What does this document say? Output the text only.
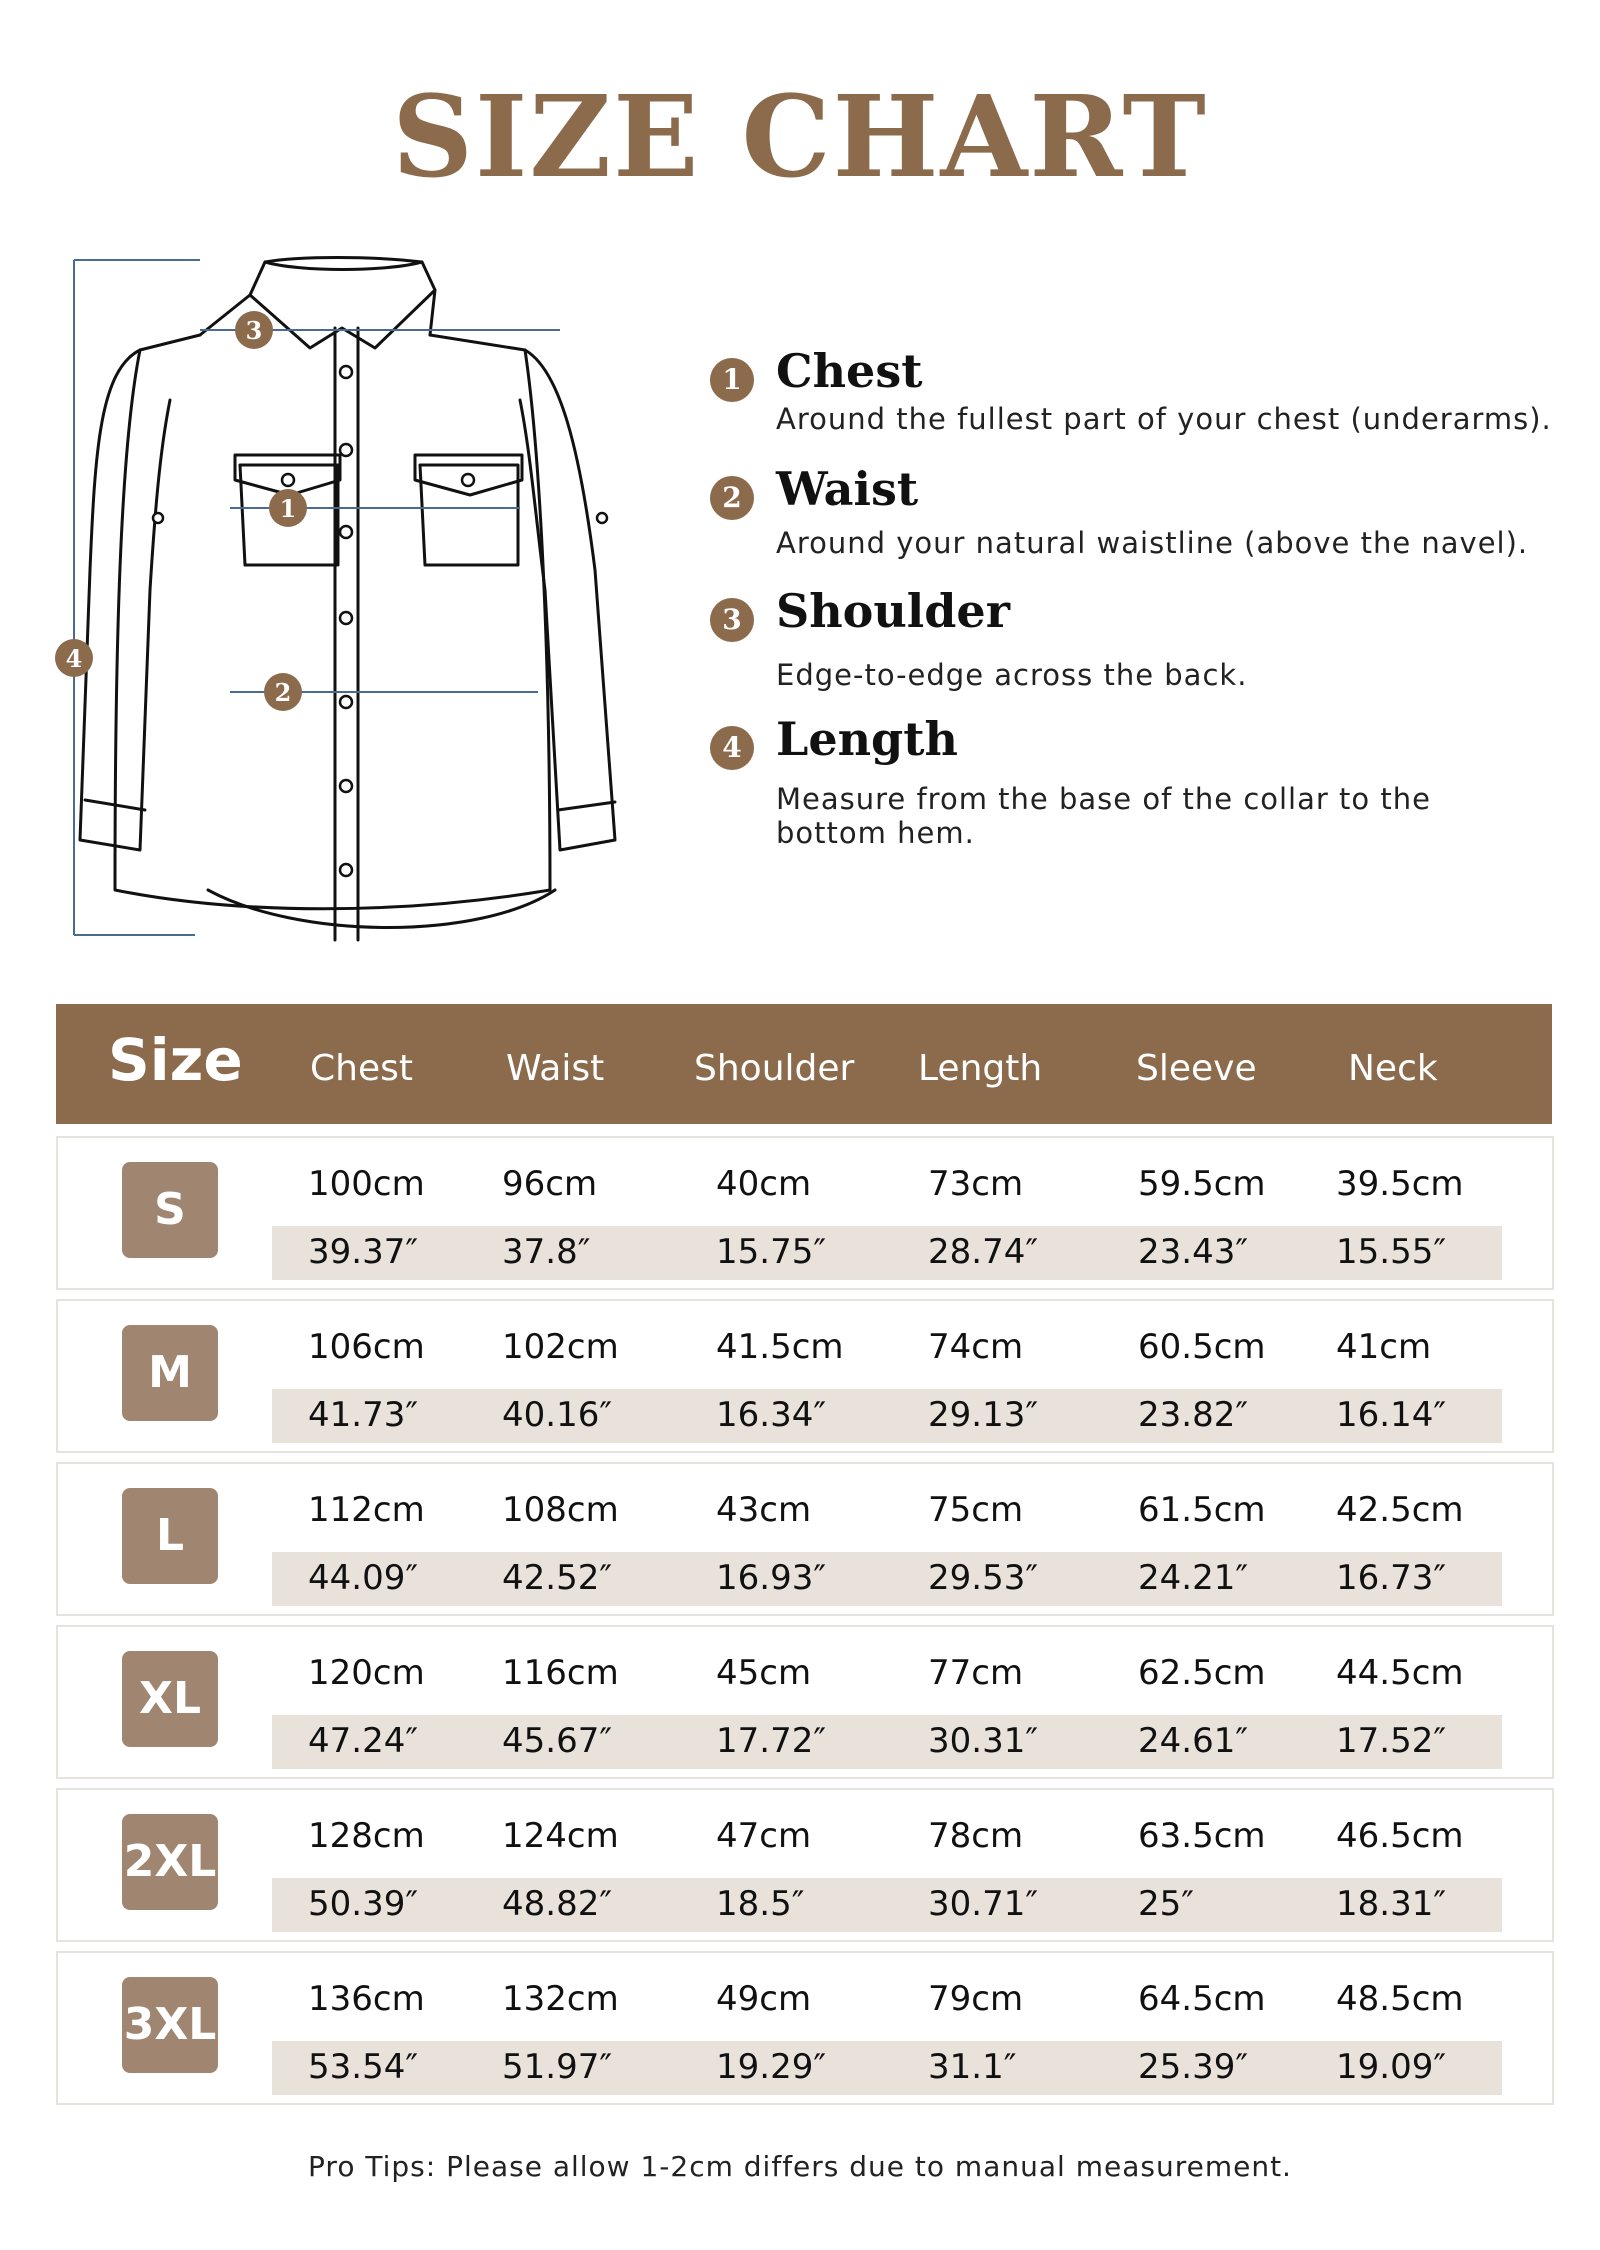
SIZE CHART
3
1
2
4
1 Chest
Around the fullest part of your chest (underarms).
2 Waist
Around your natural waistline (above the navel).
3 Shoulder
Edge-to-edge across the back.
4 Length
Measure from the base of the collar to the bottom hem.
Size Chest	Waist Shoulder Length	Sleeve	Neck
S	100cm 96cm	40cm	73cm	59.5cm 39.5cm
39.37″ 37.8″	15.75″	28.74″	23.43″	15.55″
M	106cm 102cm	41.5cm 74cm	60.5cm 41cm
41.73″ 40.16″	16.34″	29.13″	23.82″	16.14″
L	112cm 108cm	43cm	75cm	61.5cm 42.5cm
44.09″ 42.52″	16.93″	29.53″	24.21″	16.73″
XL	120cm 116cm	45cm	77cm	62.5cm 44.5cm
47.24″ 45.67″	17.72″	30.31″	24.61″	17.52″
2XL	128cm 124cm	47cm	78cm	63.5cm 46.5cm
50.39″ 48.82″	18.5″	30.71″	25″	18.31″
3XL	136cm 132cm	49cm	79cm	64.5cm 48.5cm
53.54″ 51.97″	19.29″	31.1″	25.39″	19.09″
Pro Tips: Please allow 1-2cm differs due to manual measurement.
